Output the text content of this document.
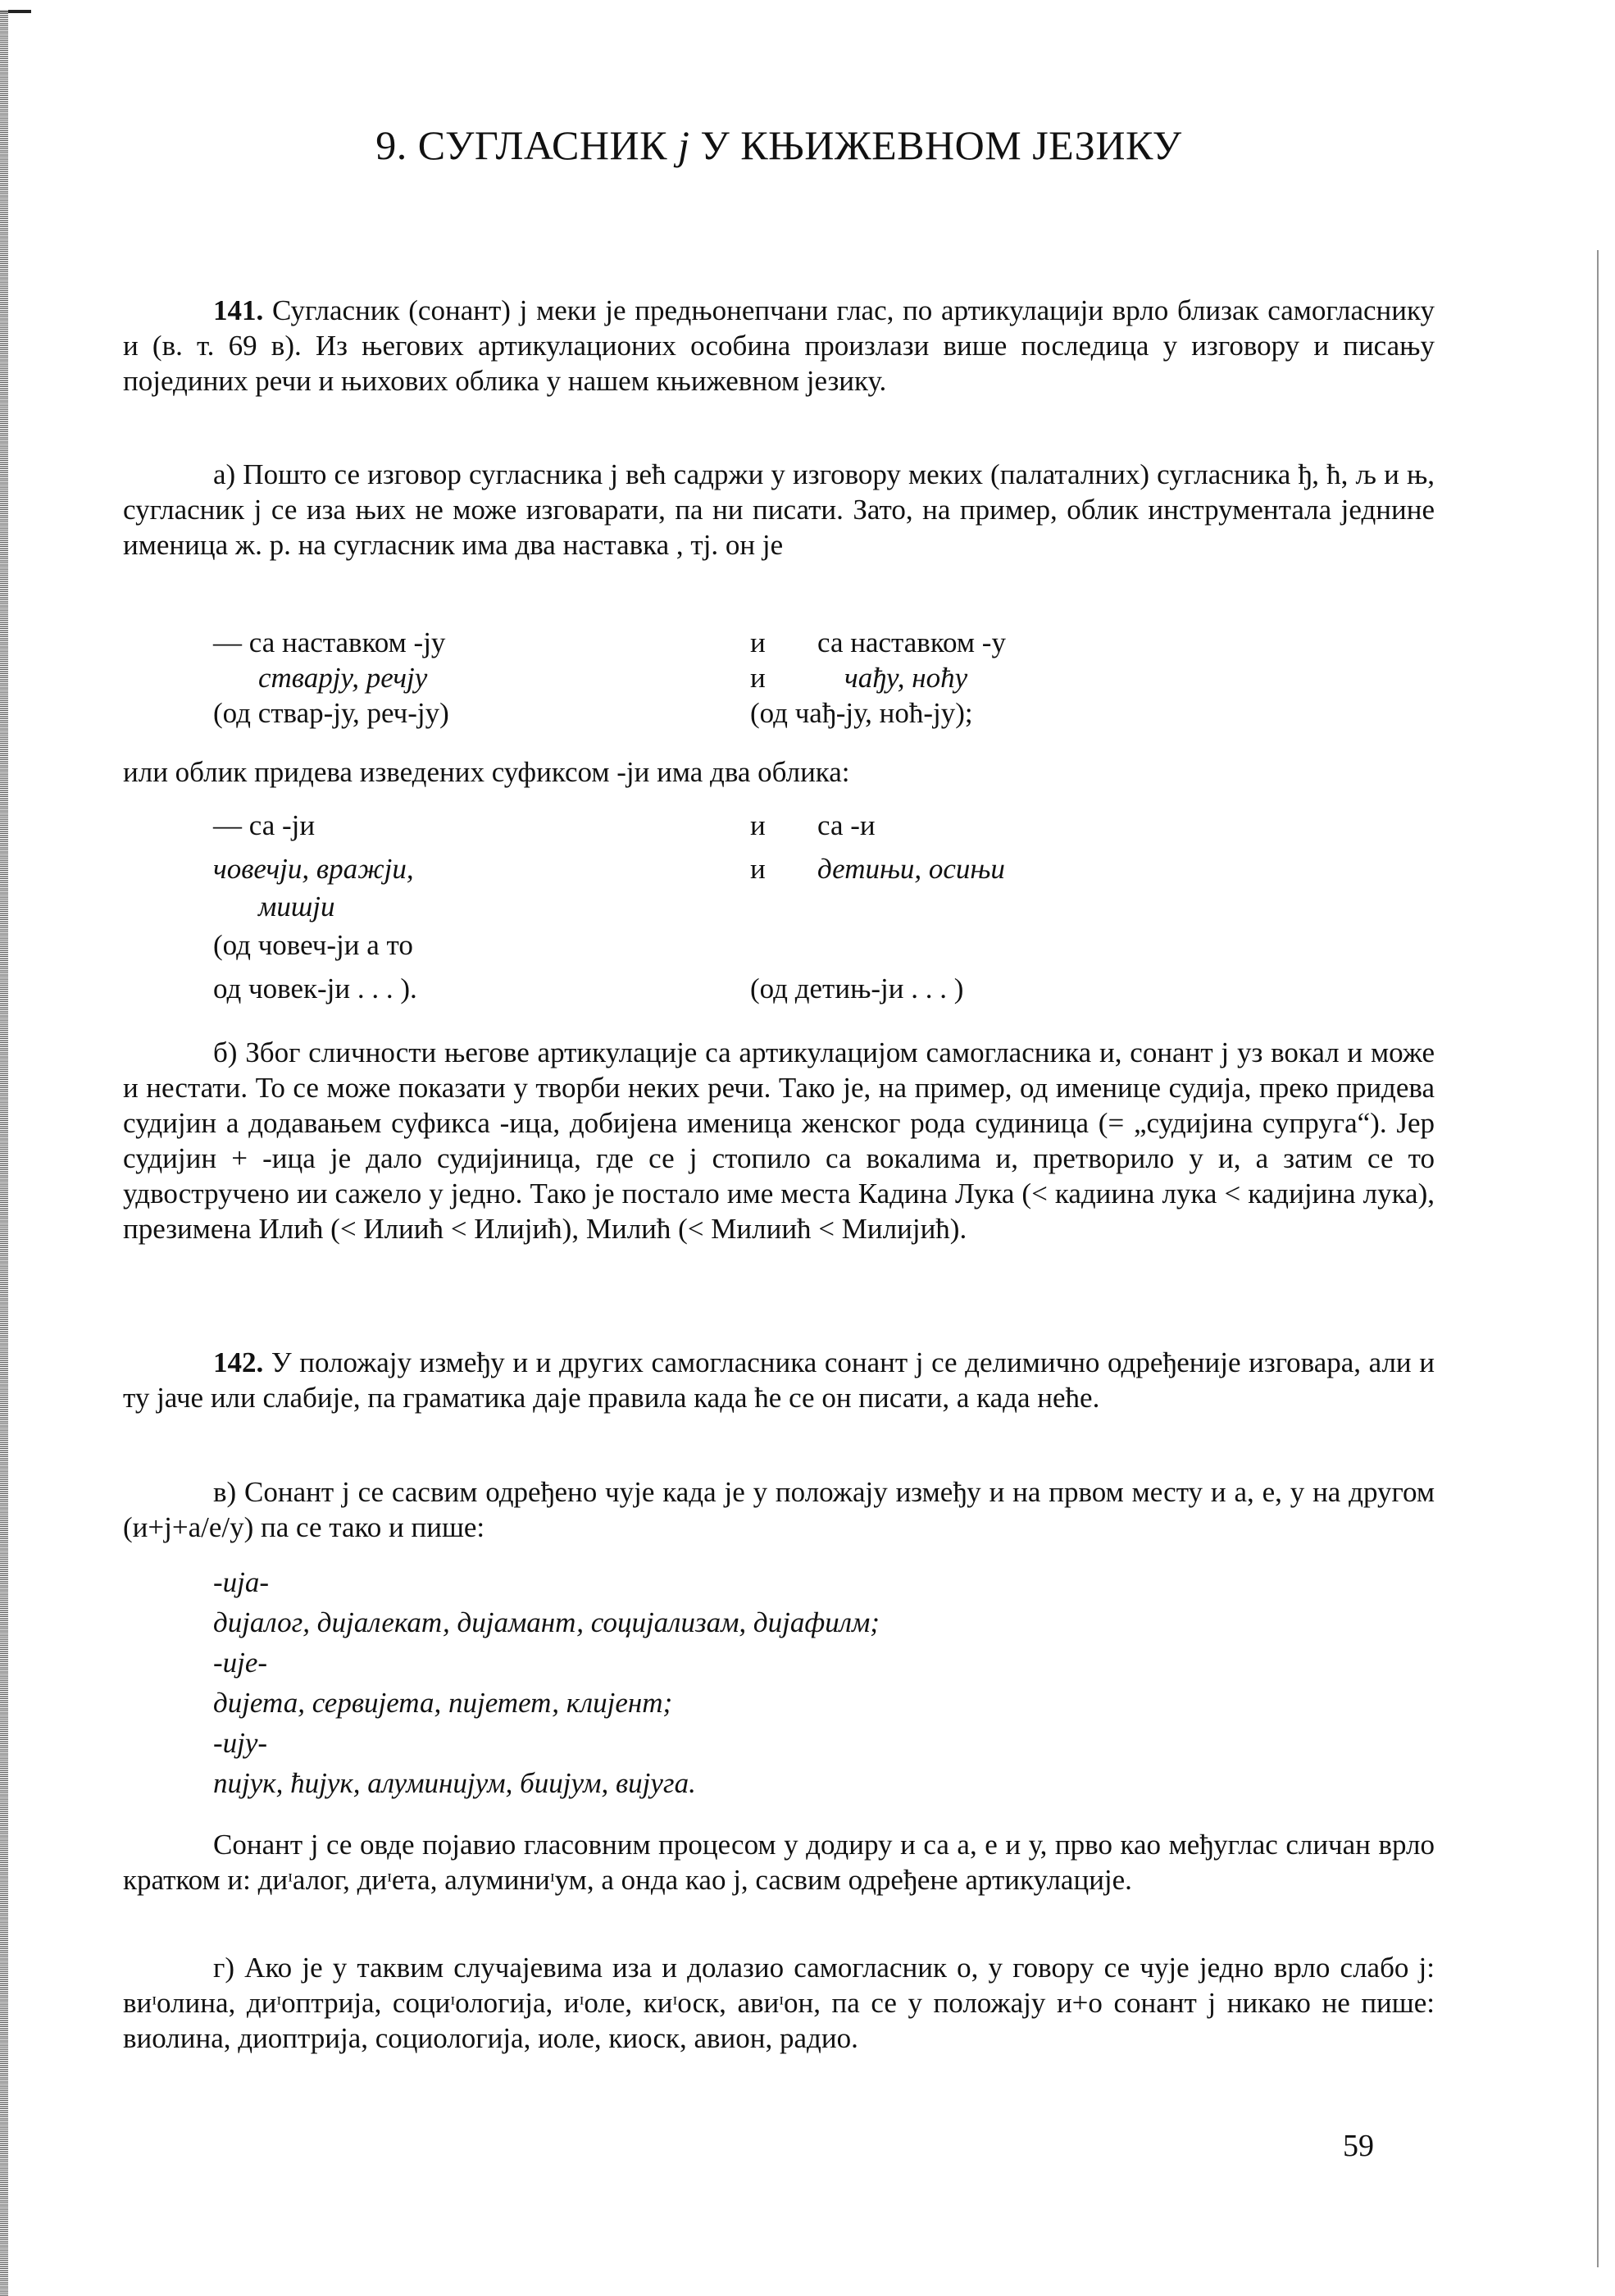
9. СУГЛАСНИК j У КЊИЖЕВНОМ ЈЕЗИКУ
141. Сугласник (сонант) j меки је предњонепчани глас, по артикулацији врло близак самогласнику и (в. т. 69 в). Из његових артикулационих особина произлази више последица у изговору и писању појединих речи и њихових облика у нашем књижевном језику.
а) Пошто се изговор сугласника j већ садржи у изговору меких (палаталних) сугласника ђ, ћ, љ и њ, сугласник j се иза њих не може изговарати, па ни писати. Зато, на пример, облик инструментала једнине именица ж. р. на сугласник има два наставка , тј. он је
— са наставком -jу
стварју, речју
(од ствар-jу, реч-jу)
и
и
са наставком -у
чађу, ноћу
(од чађ-jу, ноћ-jу);
или облик придева изведених суфиксом -ји има два облика:
— са -ји
човечји, вражји,
мишји
(од човеч-ји а то
од човек-ји . . . ).
и
и
са -и
детињи, осињи
(од детињ-ји . . . )
б) Због сличности његове артикулације са артикулацијом самогласника и, сонант j уз вокал и може и нестати. То се може показати у творби неких речи. Тако је, на пример, од именице судија, преко придева судијин а додавањем суфикса -ица, добијена именица женског рода судиница (= „судијина супруга“). Јер судијин + -ица је дало судијиница, где се j стопило са вокалима и, претворило у и, а затим се то удвостручено ии сажело у једно. Тако је постало име места Кадина Лука (< кадиина лука < кадијина лука), презимена Илић (< Илиић < Илијић), Милић (< Милиић < Милијић).
142. У положају између и и других самогласника сонант j се делимично одређеније изговара, али и ту јаче или слабије, па граматика даје правила када ће се он писати, а када неће.
в) Сонант j се сасвим одређено чује када је у положају између и на првом месту и а, е, у на другом (и+j+а/е/у) па се тако и пише:
-ија-
дијалог, дијалекат, дијамант, социјализам, дијафилм;
-ије-
дијета, сервијета, пијетет, клијент;
-ију-
пијук, ћијук, алуминијум, биијум, вијуга.
Сонант j се овде појавио гласовним процесом у додиру и са а, е и у, прво као међуглас сличан врло кратком и: диᶦалог, диᶦета, алуминиᶦум, а онда као j, сасвим одређене артикулације.
г) Ако је у таквим случајевима иза и долазио самогласник о, у говору се чује једно врло слабо j: виᶦолина, диᶦоптрија, социᶦологија, иᶦоле, киᶦоск, авиᶦон, па се у положају и+о сонант j никако не пише: виолина, диоптрија, социологија, иоле, киоск, авион, радио.
59
